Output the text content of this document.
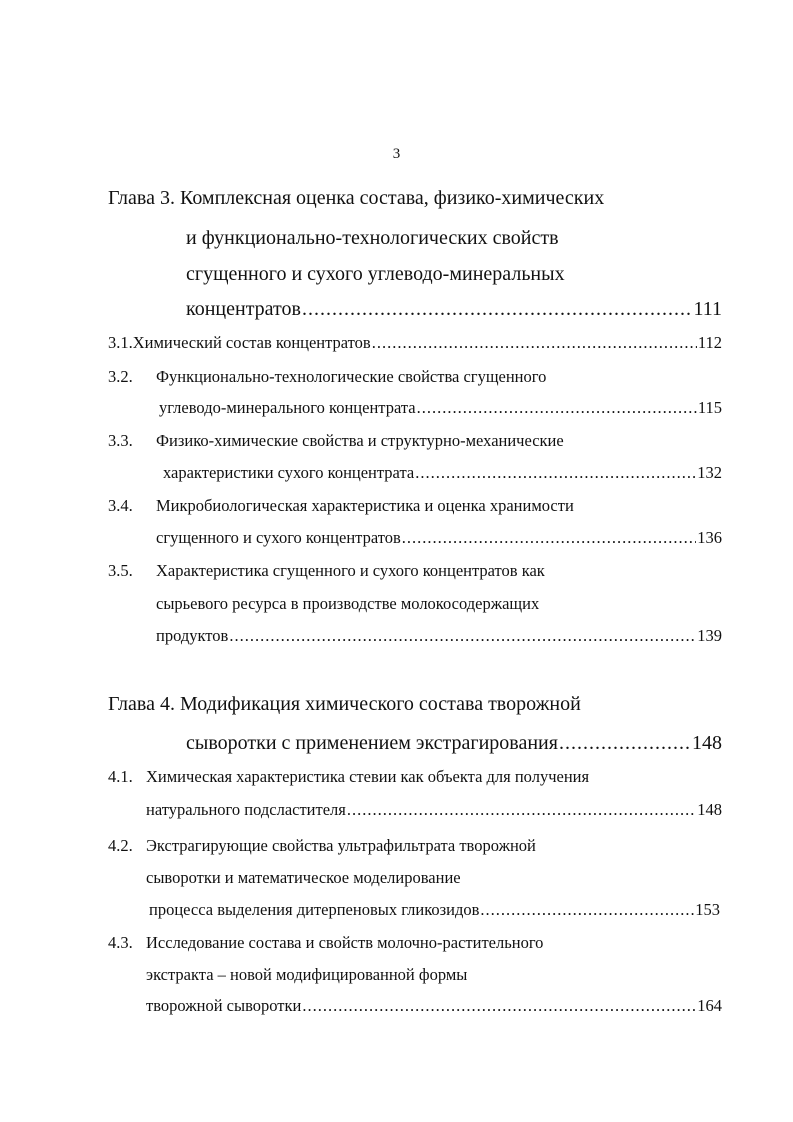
3
Глава 3. Комплексная оценка состава, физико-химических
и функционально-технологических свойств
сгущенного и сухого углеводо-минеральных
концентратов .....	111
3.1. Химический состав концентратов .....	112
3.2.	Функционально-технологические свойства сгущенного
углеводо-минерального концентрата .....	115
3.3.	Физико-химические свойства и структурно-механические
характеристики сухого концентрата .....	132
3.4.	Микробиологическая характеристика и оценка хранимости
сгущенного и сухого концентратов .....	136
3.5.	Характеристика сгущенного и сухого концентратов как
сырьевого ресурса в производстве молокосодержащих
продуктов .....	139
Глава 4. Модификация химического состава творожной
сыворотки с применением экстрагирования .....	148
4.1. Химическая характеристика стевии как объекта для получения
натурального подсластителя .....	148
4.2. Экстрагирующие свойства ультрафильтрата творожной
сыворотки и математическое моделирование
процесса выделения дитерпеновых гликозидов .....	153
4.3. Исследование состава и свойств молочно-растительного
экстракта – новой модифицированной формы
творожной сыворотки .....	164
